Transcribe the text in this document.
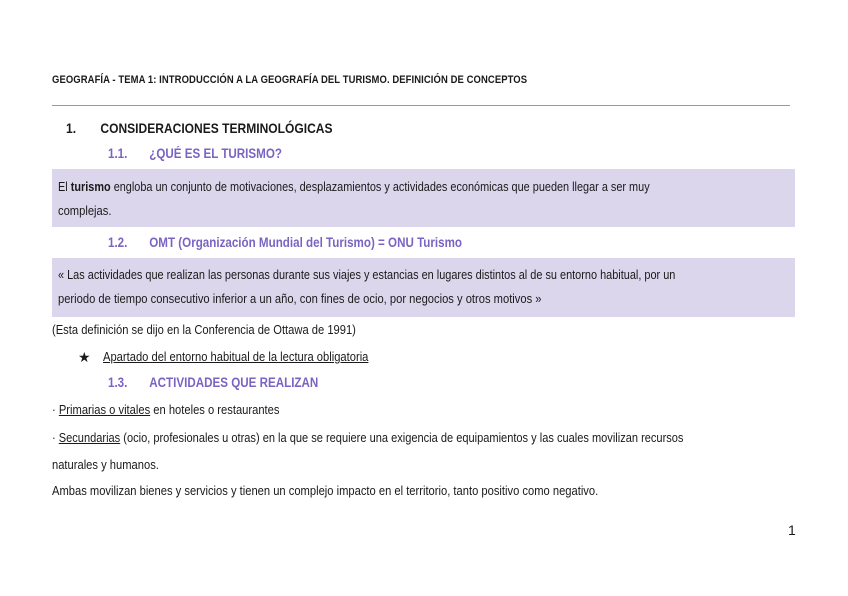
GEOGRAFÍA - TEMA 1: INTRODUCCIÓN A LA GEOGRAFÍA DEL TURISMO. DEFINICIÓN DE CONCEPTOS
1. CONSIDERACIONES TERMINOLÓGICAS
1.1. ¿QUÉ ES EL TURISMO?
El turismo engloba un conjunto de motivaciones, desplazamientos y actividades económicas que pueden llegar a ser muy
complejas.
1.2. OMT (Organización Mundial del Turismo) = ONU Turismo
« Las actividades que realizan las personas durante sus viajes y estancias en lugares distintos al de su entorno habitual, por un
periodo de tiempo consecutivo inferior a un año, con fines de ocio, por negocios y otros motivos »
(Esta definición se dijo en la Conferencia de Ottawa de 1991)
★ Apartado del entorno habitual de la lectura obligatoria
1.3. ACTIVIDADES QUE REALIZAN
· Primarias o vitales en hoteles o restaurantes
· Secundarias (ocio, profesionales u otras) en la que se requiere una exigencia de equipamientos y las cuales movilizan recursos
naturales y humanos.
Ambas movilizan bienes y servicios y tienen un complejo impacto en el territorio, tanto positivo como negativo.
1
